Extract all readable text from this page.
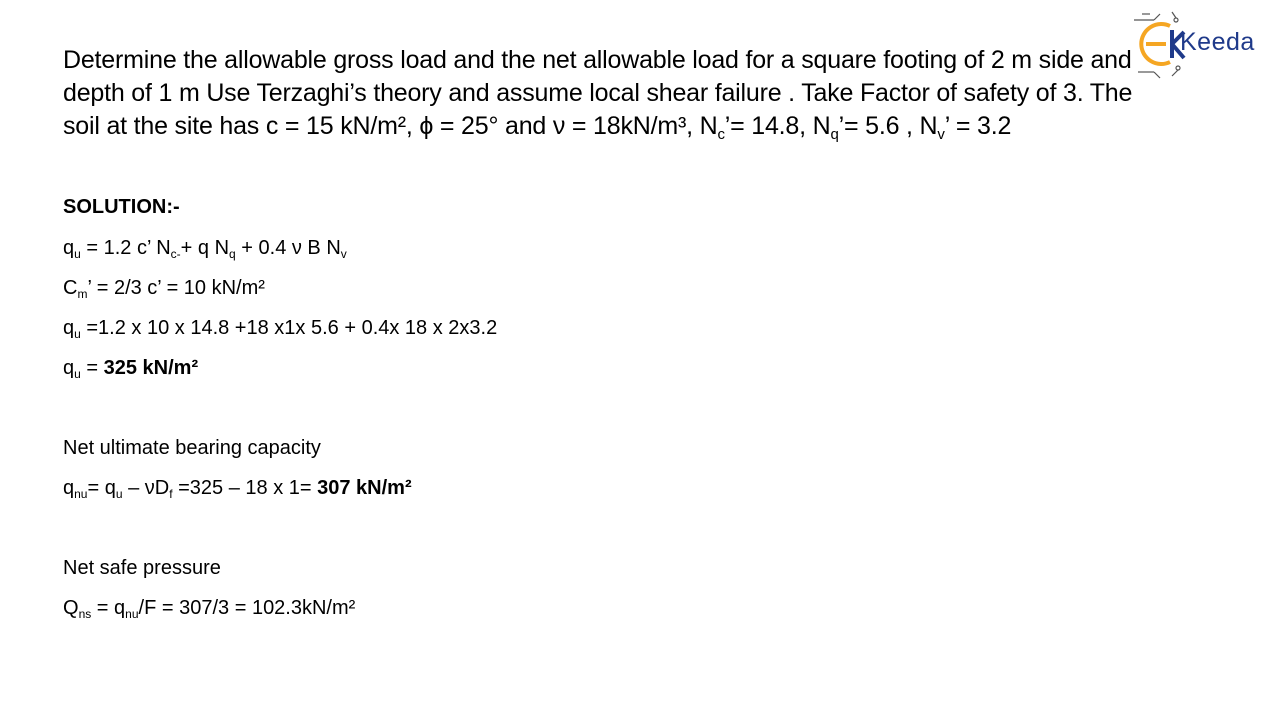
Keeda
Determine the allowable gross load and the net allowable load for a square footing of 2 m side and depth of 1 m Use Terzaghi’s theory and assume local shear failure . Take Factor of safety of 3. The soil at the site has c = 15 kN/m², ϕ = 25° and ν = 18kN/m³, $N_c’= 14.8$, $N_q’= 5.6$ , $N_v$’ = 3.2
SOLUTION:-
$q_u = 1.2$ c’ $N_{c-}+ q$ $N_q + 0.4$ ν B $N_v$
$C_m$’ = 2/3 c’ = 10 kN/m²
$q_u =1.2$ x 10 x 14.8 +18 x1x 5.6 + 0.4x 18 x 2x3.2
$q_u = 325$ kN/m²
Net ultimate bearing capacity
$q_{nu}= q_u - \nu D_f =325 - 18$ x 1= 307 kN/m²
Net safe pressure
$Q_{ns} = q_{nu}/F = 307/3 = 102.3kN/m^2$
